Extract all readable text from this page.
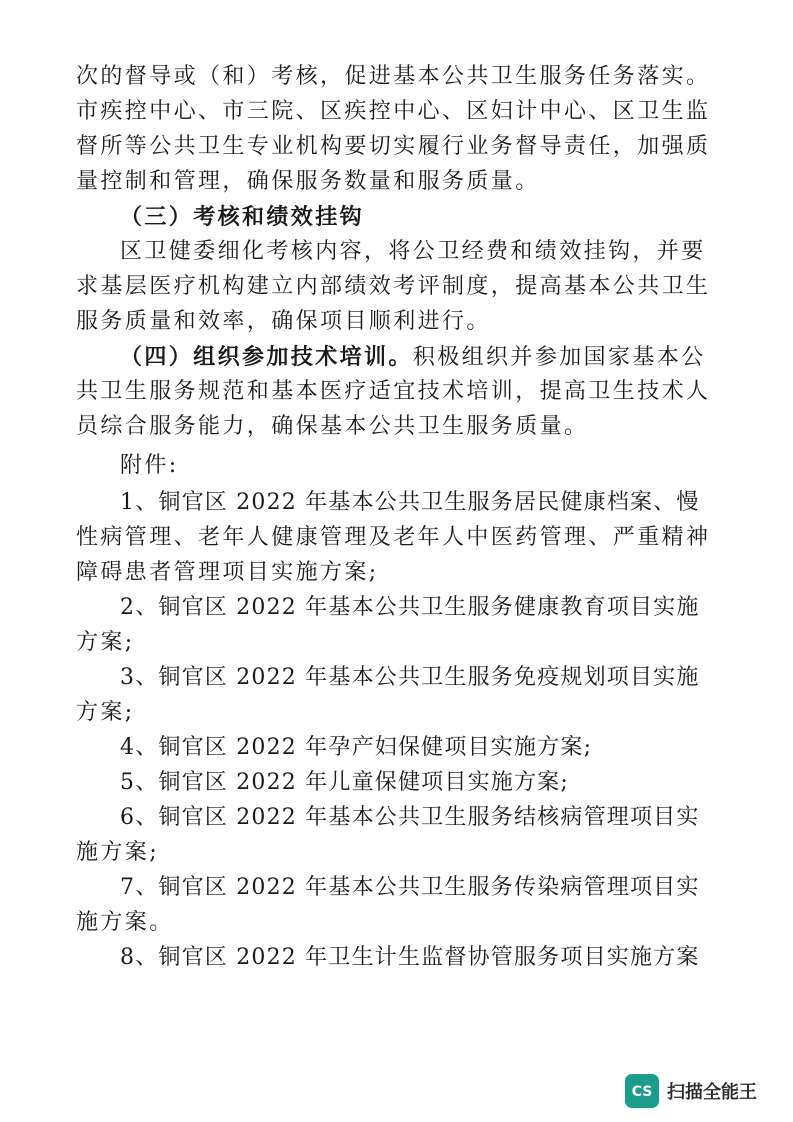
次的督导或（和）考核，促进基本公共卫生服务任务落实。
市疾控中心、市三院、区疾控中心、区妇计中心、区卫生监
督所等公共卫生专业机构要切实履行业务督导责任，加强质
量控制和管理，确保服务数量和服务质量。
（三）考核和绩效挂钩
区卫健委细化考核内容，将公卫经费和绩效挂钩，并要
求基层医疗机构建立内部绩效考评制度，提高基本公共卫生
服务质量和效率，确保项目顺利进行。
（四）组织参加技术培训。积极组织并参加国家基本公
共卫生服务规范和基本医疗适宜技术培训，提高卫生技术人
员综合服务能力，确保基本公共卫生服务质量。
附件:
1、铜官区 2022 年基本公共卫生服务居民健康档案、慢
性病管理、老年人健康管理及老年人中医药管理、严重精神
障碍患者管理项目实施方案;
2、铜官区 2022 年基本公共卫生服务健康教育项目实施
方案;
3、铜官区 2022 年基本公共卫生服务免疫规划项目实施
方案;
4、铜官区 2022 年孕产妇保健项目实施方案;
5、铜官区 2022 年儿童保健项目实施方案;
6、铜官区 2022 年基本公共卫生服务结核病管理项目实
施方案;
7、铜官区 2022 年基本公共卫生服务传染病管理项目实
施方案。
8、铜官区 2022 年卫生计生监督协管服务项目实施方案
CS 扫描全能王
